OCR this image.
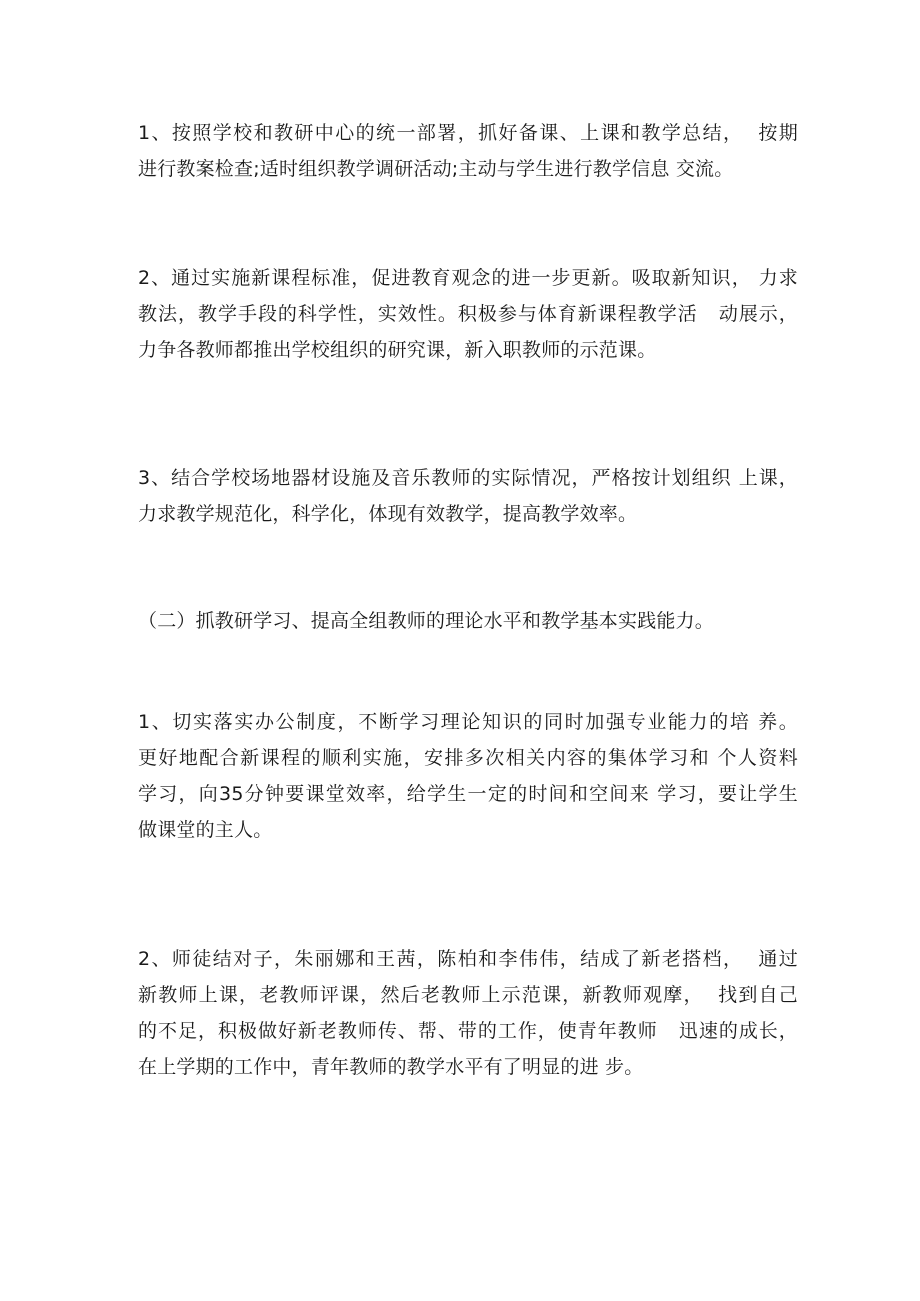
1、按照学校和教研中心的统一部署，抓好备课、上课和教学总结，  按期
进行教案检查;适时组织教学调研活动;主动与学生进行教学信息 交流。
2、通过实施新课程标准，促进教育观念的进一步更新。吸取新知识， 力求
教法，教学手段的科学性，实效性。积极参与体育新课程教学活   动展示，
力争各教师都推出学校组织的研究课，新入职教师的示范课。
3、结合学校场地器材设施及音乐教师的实际情况，严格按计划组织 上课，
力求教学规范化，科学化，体现有效教学，提高教学效率。
（二）抓教研学习、提高全组教师的理论水平和教学基本实践能力。
1、切实落实办公制度，不断学习理论知识的同时加强专业能力的培 养。
更好地配合新课程的顺利实施，安排多次相关内容的集体学习和 个人资料
学习，向35分钟要课堂效率，给学生一定的时间和空间来 学习，要让学生
做课堂的主人。
2、师徒结对子，朱丽娜和王茜，陈柏和李伟伟，结成了新老搭档，  通过
新教师上课，老教师评课，然后老教师上示范课，新教师观摩，  找到自己
的不足，积极做好新老教师传、帮、带的工作，使青年教师   迅速的成长，
在上学期的工作中，青年教师的教学水平有了明显的进 步。
